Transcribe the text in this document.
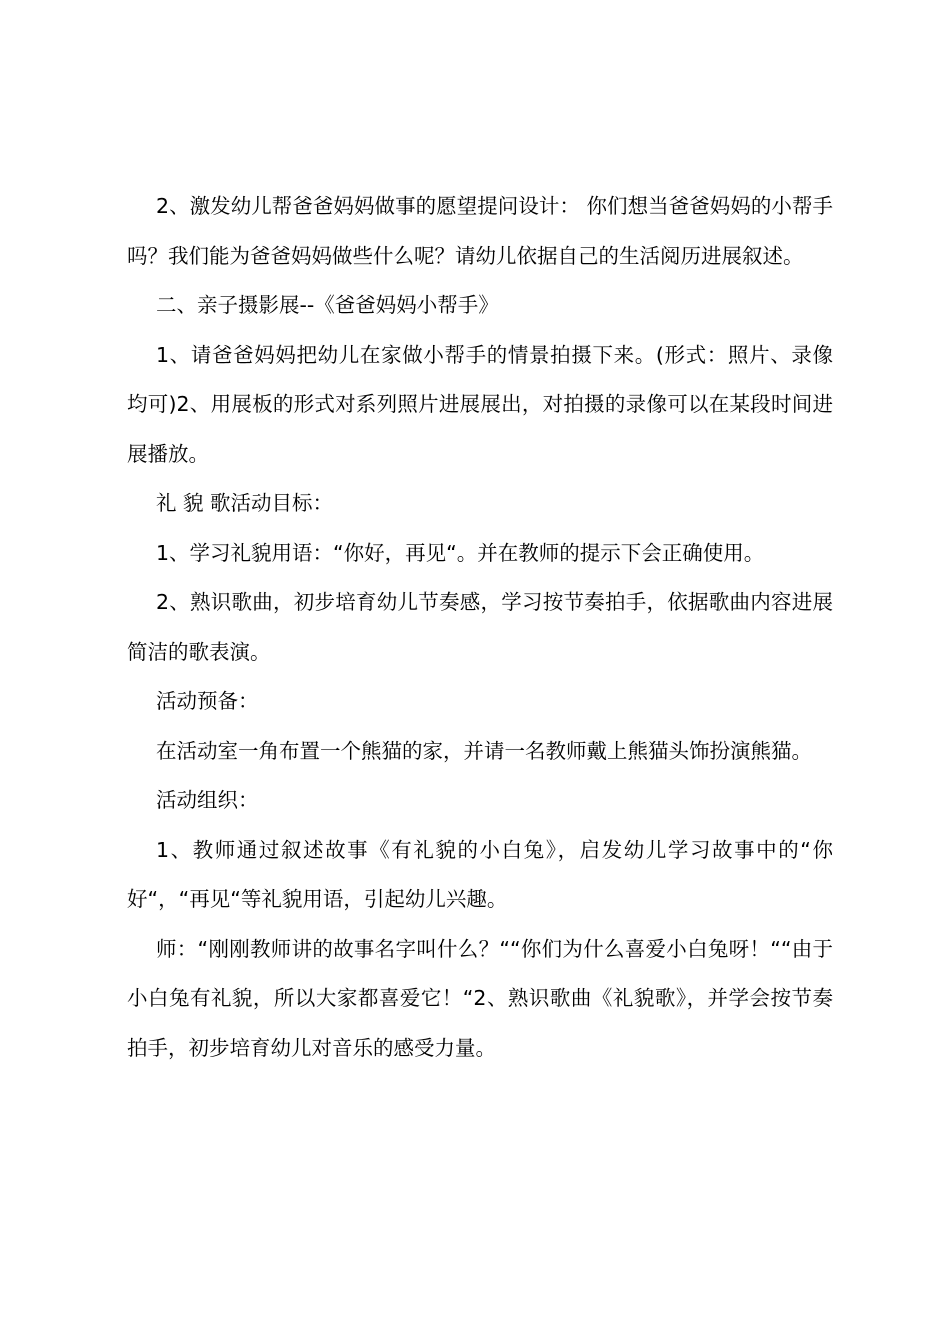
2、激发幼儿帮爸爸妈妈做事的愿望提问设计： 你们想当爸爸妈妈的小帮手吗？我们能为爸爸妈妈做些什么呢？请幼儿依据自己的生活阅历进展叙述。

二、亲子摄影展--《爸爸妈妈小帮手》

1、请爸爸妈妈把幼儿在家做小帮手的情景拍摄下来。(形式：照片、录像均可)2、用展板的形式对系列照片进展展出，对拍摄的录像可以在某段时间进展播放。

礼 貌 歌活动目标：

1、学习礼貌用语：“你好，再见“。并在教师的提示下会正确使用。

2、熟识歌曲，初步培育幼儿节奏感，学习按节奏拍手，依据歌曲内容进展简洁的歌表演。

活动预备：

在活动室一角布置一个熊猫的家，并请一名教师戴上熊猫头饰扮演熊猫。

活动组织：

1、教师通过叙述故事《有礼貌的小白兔》，启发幼儿学习故事中的“你好“，“再见“等礼貌用语，引起幼儿兴趣。

师：“刚刚教师讲的故事名字叫什么？““你们为什么喜爱小白兔呀！““由于小白兔有礼貌，所以大家都喜爱它！“2、熟识歌曲《礼貌歌》，并学会按节奏拍手，初步培育幼儿对音乐的感受力量。
